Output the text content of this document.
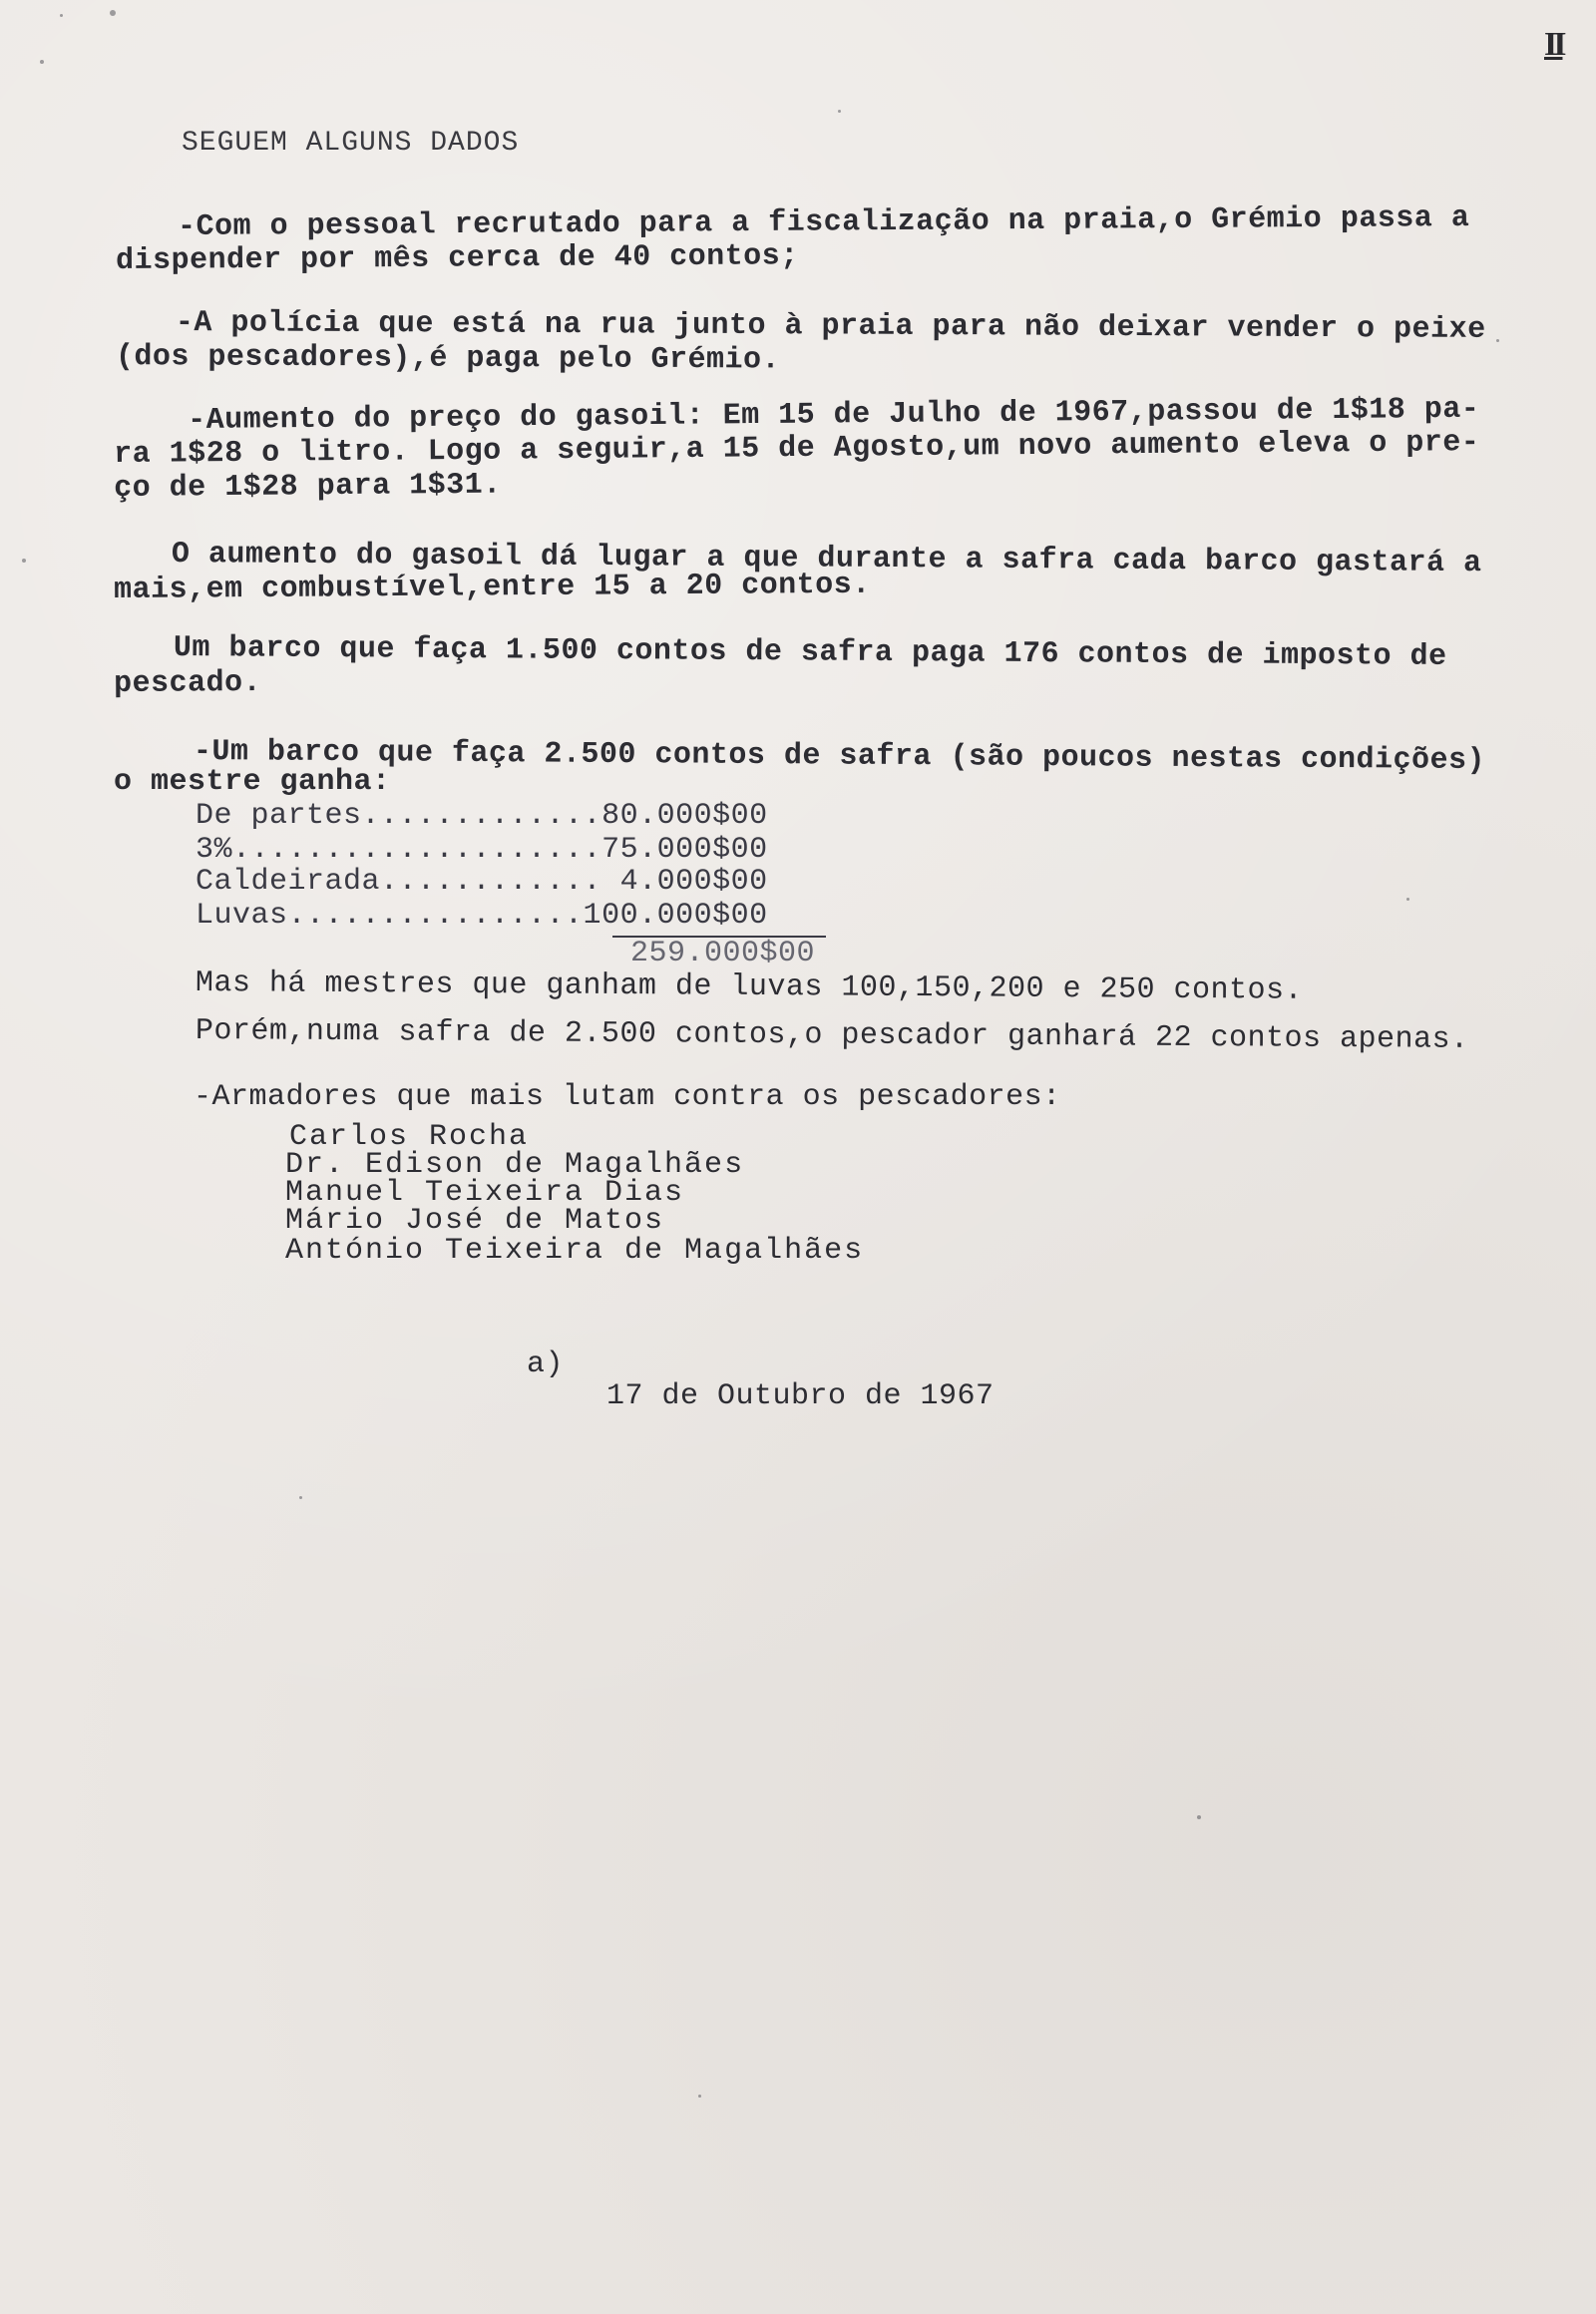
II
SEGUEM ALGUNS DADOS
-Com o pessoal recrutado para a fiscalização na praia,o Grémio passa a
dispender por mês cerca de 40 contos;
-A polícia que está na rua junto à praia para não deixar vender o peixe
(dos pescadores),é paga pelo Grémio.
-Aumento do preço do gasoil: Em 15 de Julho de 1967,passou de 1$18 pa-
ra 1$28 o litro. Logo a seguir,a 15 de Agosto,um novo aumento eleva o pre-
ço de 1$28 para 1$31.
O aumento do gasoil dá lugar a que durante a safra cada barco gastará a
mais,em combustível,entre 15 a 20 contos.
Um barco que faça 1.500 contos de safra paga 176 contos de imposto de
pescado.
-Um barco que faça 2.500 contos de safra (são poucos nestas condições)
o mestre ganha:
De partes.............80.000$00
3%....................75.000$00
Caldeirada............ 4.000$00
Luvas................100.000$00
259.000$00
Mas há mestres que ganham de luvas 100,150,200 e 250 contos.
Porém,numa safra de 2.500 contos,o pescador ganhará 22 contos apenas.
-Armadores que mais lutam contra os pescadores:
Carlos Rocha
Dr. Edison de Magalhães
Manuel Teixeira Dias
Mário José de Matos
António Teixeira de Magalhães
a)
17 de Outubro de 1967
